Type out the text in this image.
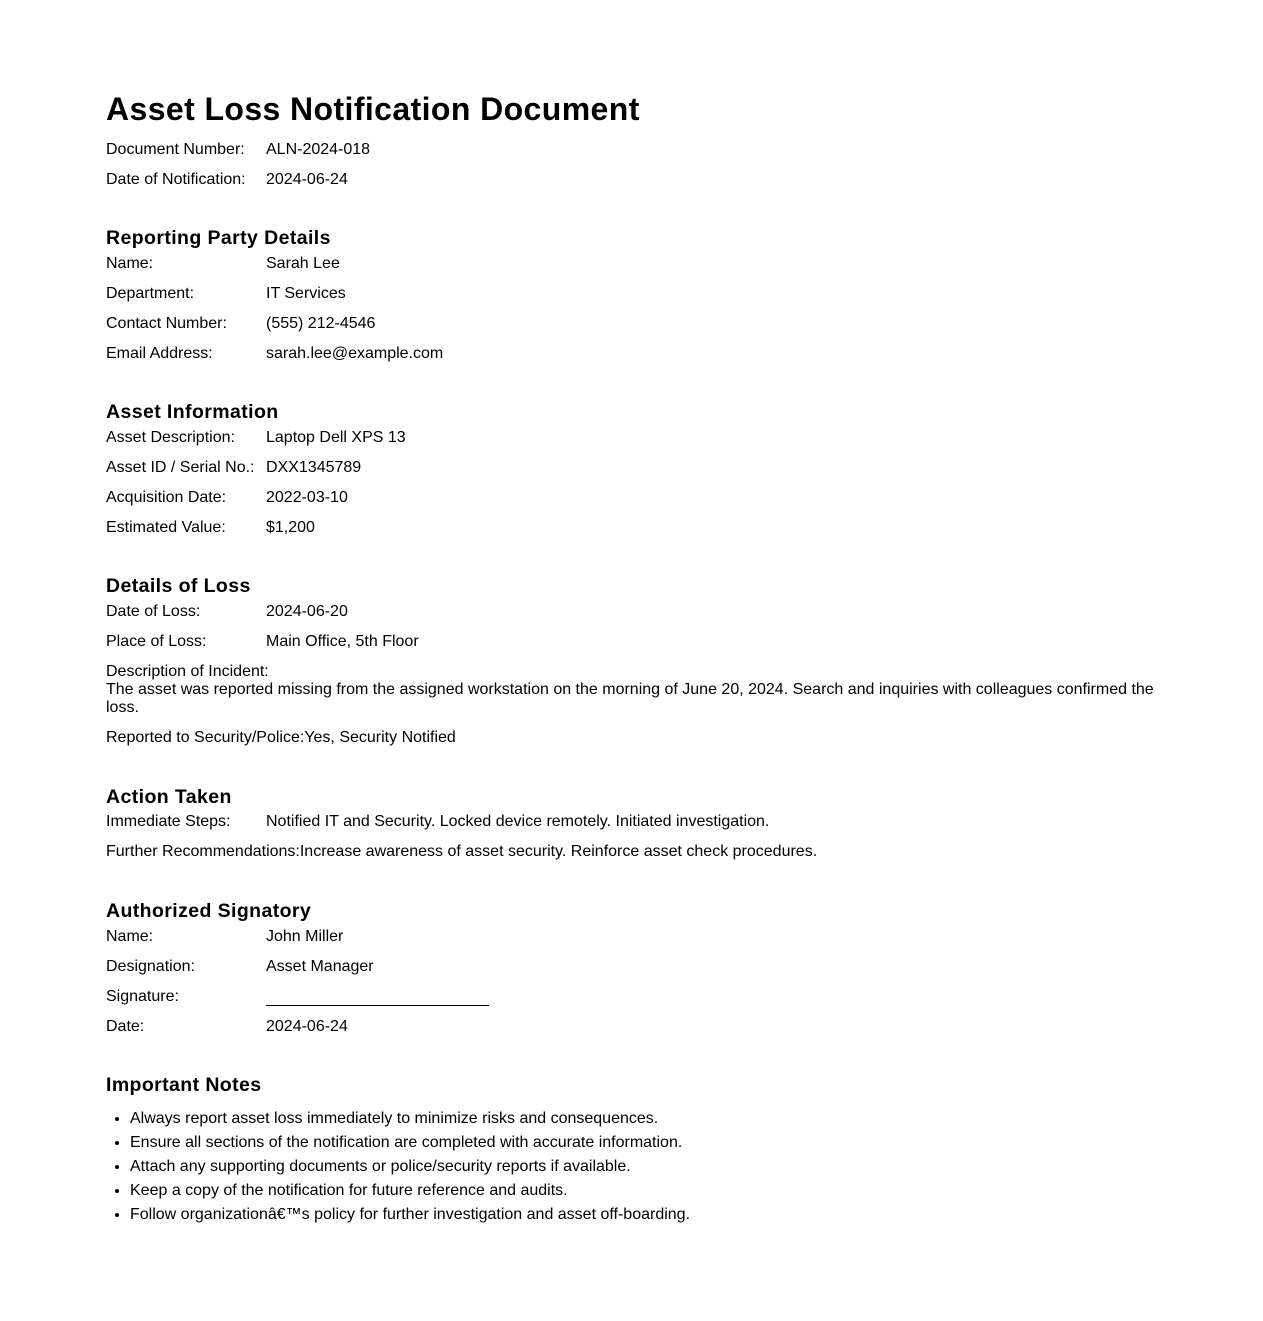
Asset Loss Notification Document
Document Number: ALN-2024-018
Date of Notification: 2024-06-24
Reporting Party Details
Name:	Sarah Lee
Department:	IT Services
Contact Number: (555) 212-4546
Email Address:	sarah.lee@example.com
Asset Information
Asset Description: Laptop Dell XPS 13
Asset ID / Serial No.: DXX1345789
Acquisition Date: 2022-03-10
Estimated Value:	$1,200
Details of Loss
Date of Loss:	2024-06-20
Place of Loss:	Main Office, 5th Floor
Description of Incident:
The asset was reported missing from the assigned workstation on the morning of June 20, 2024. Search and inquiries with colleagues confirmed the loss.
Reported to Security/Police:Yes, Security Notified
Action Taken
Immediate Steps: Notified IT and Security. Locked device remotely. Initiated investigation.
Further Recommendations:Increase awareness of asset security. Reinforce asset check procedures.
Authorized Signatory
Name:	John Miller
Designation:	Asset Manager
Signature:
Date:	2024-06-24
Important Notes
• Always report asset loss immediately to minimize risks and consequences.
• Ensure all sections of the notification are completed with accurate information.
• Attach any supporting documents or police/security reports if available.
• Keep a copy of the notification for future reference and audits.
• Follow organizationâ€™s policy for further investigation and asset off-boarding.
